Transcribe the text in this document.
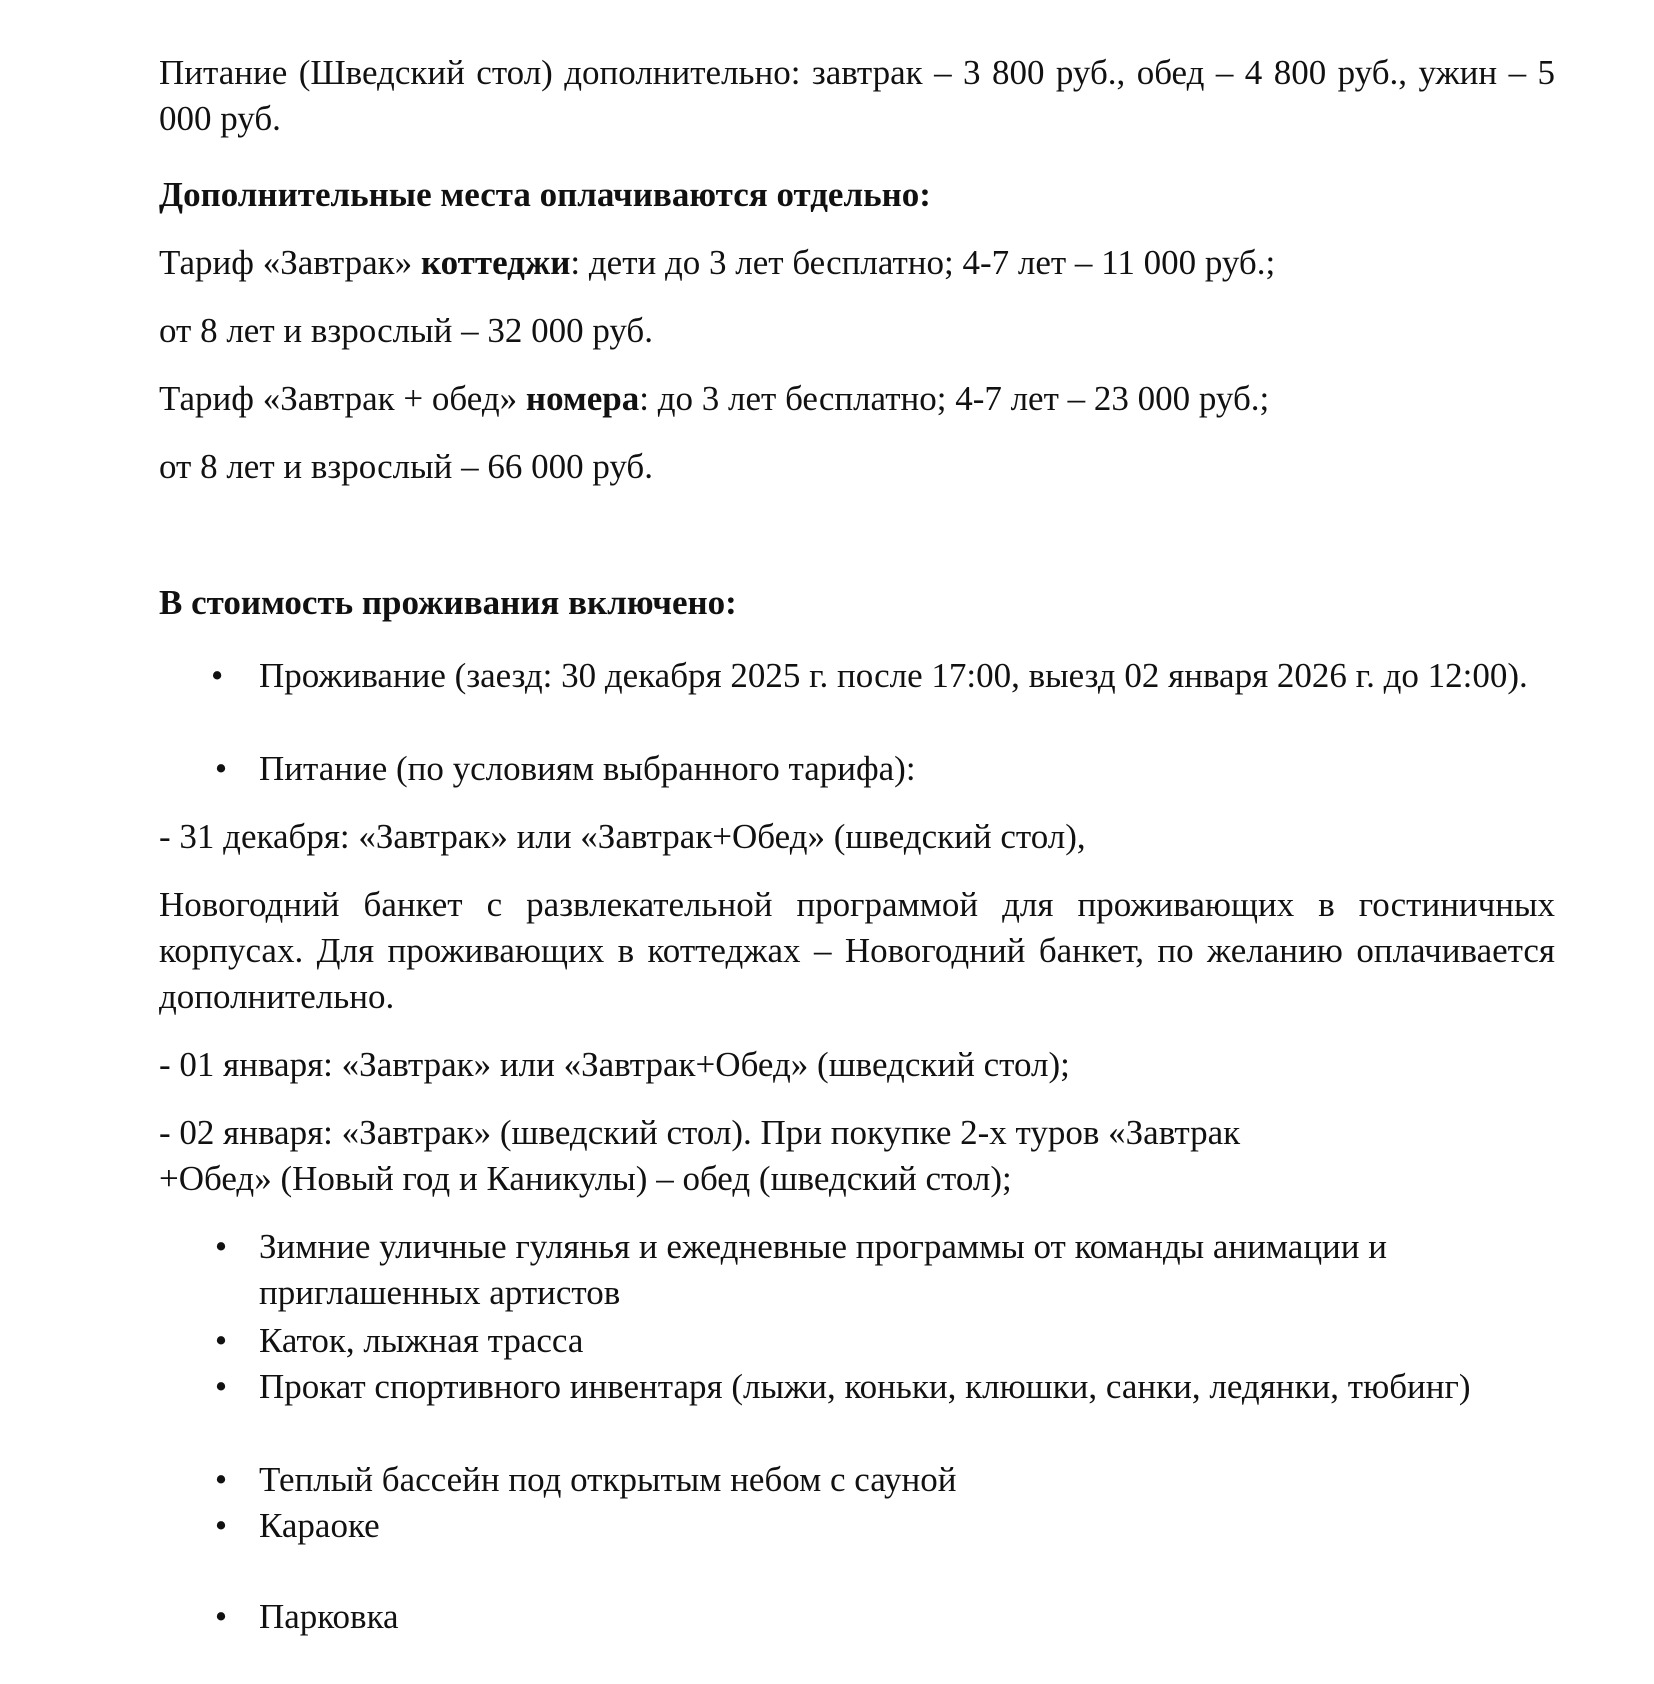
Питание (Шведский стол) дополнительно: завтрак – 3 800 руб., обед – 4 800 руб., ужин – 5 000 руб.
Дополнительные места оплачиваются отдельно:
Тариф «Завтрак» коттеджи: дети до 3 лет бесплатно; 4-7 лет – 11 000 руб.;
от 8 лет и взрослый – 32 000 руб.
Тариф «Завтрак + обед» номера: до 3 лет бесплатно; 4-7 лет – 23 000 руб.;
от 8 лет и взрослый – 66 000 руб.
В стоимость проживания включено:
• Проживание (заезд: 30 декабря 2025 г. после 17:00, выезд 02 января 2026 г. до 12:00).
• Питание (по условиям выбранного тарифа):
- 31 декабря: «Завтрак» или «Завтрак+Обед» (шведский стол),
Новогодний банкет с развлекательной программой для проживающих в гостиничных корпусах. Для проживающих в коттеджах – Новогодний банкет, по желанию оплачивается дополнительно.
- 01 января: «Завтрак» или «Завтрак+Обед» (шведский стол);
- 02 января: «Завтрак» (шведский стол). При покупке 2-х туров «Завтрак
+Обед» (Новый год и Каникулы) – обед (шведский стол);
• Зимние уличные гулянья и ежедневные программы от команды анимации и приглашенных артистов
• Каток, лыжная трасса
• Прокат спортивного инвентаря (лыжи, коньки, клюшки, санки, ледянки, тюбинг)
• Теплый бассейн под открытым небом с сауной
• Караоке
• Парковка
